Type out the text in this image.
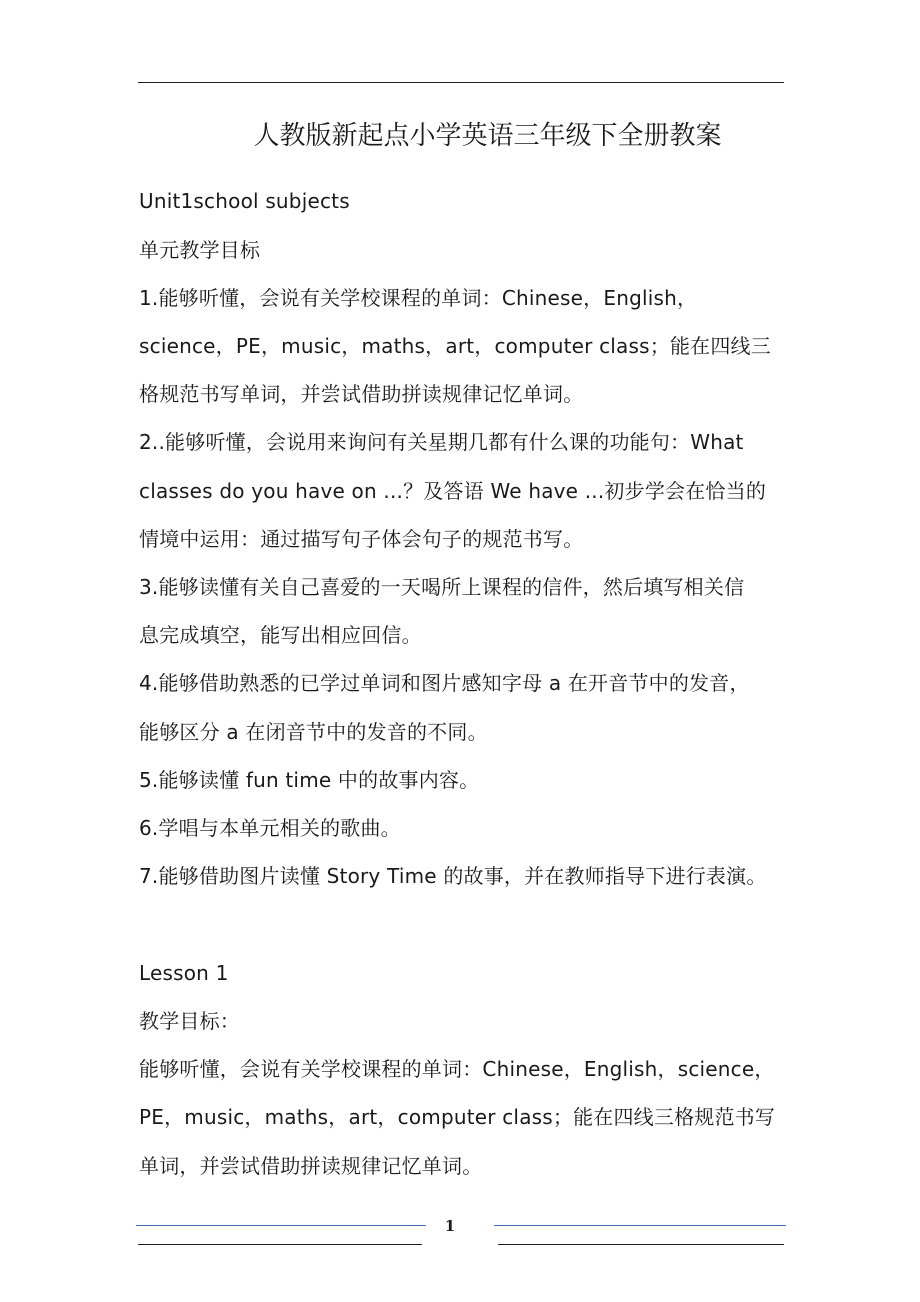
人教版新起点小学英语三年级下全册教案
Unit1school subjects
单元教学目标
1.能够听懂，会说有关学校课程的单词：Chinese，English，
science，PE，music，maths，art，computer class；能在四线三
格规范书写单词，并尝试借助拼读规律记忆单词。
2..能够听懂，会说用来询问有关星期几都有什么课的功能句：What
classes do you have on ...？及答语 We have ...初步学会在恰当的
情境中运用：通过描写句子体会句子的规范书写。
3.能够读懂有关自己喜爱的一天喝所上课程的信件，然后填写相关信
息完成填空，能写出相应回信。
4.能够借助熟悉的已学过单词和图片感知字母 a 在开音节中的发音，
能够区分 a 在闭音节中的发音的不同。
5.能够读懂 fun time 中的故事内容。
6.学唱与本单元相关的歌曲。
7.能够借助图片读懂 Story Time 的故事，并在教师指导下进行表演。
Lesson 1
教学目标：
能够听懂，会说有关学校课程的单词：Chinese，English，science，
PE，music，maths，art，computer class；能在四线三格规范书写
单词，并尝试借助拼读规律记忆单词。
1
